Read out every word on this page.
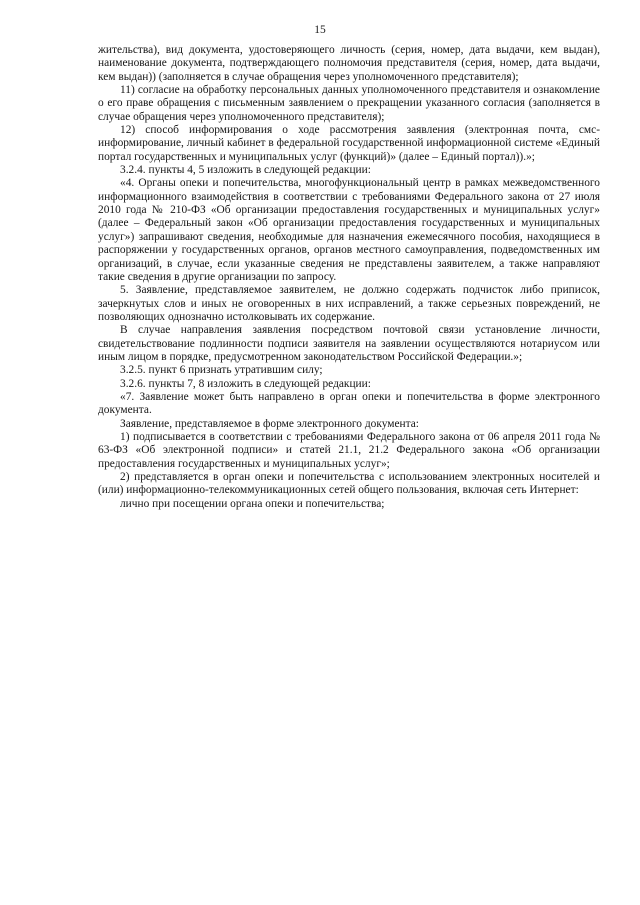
15

жительства), вид документа, удостоверяющего личность (серия, номер, дата выдачи, кем выдан), наименование документа, подтверждающего полномочия представителя (серия, номер, дата выдачи, кем выдан)) (заполняется в случае обращения через уполномоченного представителя);

11) согласие на обработку персональных данных уполномоченного представителя и ознакомление о его праве обращения с письменным заявлением о прекращении указанного согласия (заполняется в случае обращения через уполномоченного представителя);

12) способ информирования о ходе рассмотрения заявления (электронная почта, смс-информирование, личный кабинет в федеральной государственной информационной системе «Единый портал государственных и муниципальных услуг (функций)» (далее – Единый портал)).»;

3.2.4. пункты 4, 5 изложить в следующей редакции:

«4. Органы опеки и попечительства, многофункциональный центр в рамках межведомственного информационного взаимодействия в соответствии с требованиями Федерального закона от 27 июля 2010 года № 210-ФЗ «Об организации предоставления государственных и муниципальных услуг» (далее – Федеральный закон «Об организации предоставления государственных и муниципальных услуг») запрашивают сведения, необходимые для назначения ежемесячного пособия, находящиеся в распоряжении у государственных органов, органов местного самоуправления, подведомственных им организаций, в случае, если указанные сведения не представлены заявителем, а также направляют такие сведения в другие организации по запросу.

5. Заявление, представляемое заявителем, не должно содержать подчисток либо приписок, зачеркнутых слов и иных не оговоренных в них исправлений, а также серьезных повреждений, не позволяющих однозначно истолковывать их содержание.

В случае направления заявления посредством почтовой связи установление личности, свидетельствование подлинности подписи заявителя на заявлении осуществляются нотариусом или иным лицом в порядке, предусмотренном законодательством Российской Федерации.»;

3.2.5. пункт 6 признать утратившим силу;

3.2.6. пункты 7, 8 изложить в следующей редакции:

«7. Заявление может быть направлено в орган опеки и попечительства в форме электронного документа.

Заявление, представляемое в форме электронного документа:

1) подписывается в соответствии с требованиями Федерального закона от 06 апреля 2011 года № 63-ФЗ «Об электронной подписи» и статей 21.1, 21.2 Федерального закона «Об организации предоставления государственных и муниципальных услуг»;

2) представляется в орган опеки и попечительства с использованием электронных носителей и (или) информационно-телекоммуникационных сетей общего пользования, включая сеть Интернет:

лично при посещении органа опеки и попечительства;
